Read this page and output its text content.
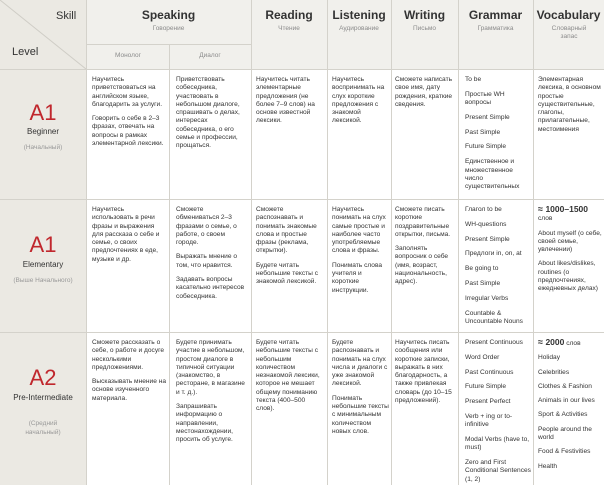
Skill
Level
Speaking
Говорение
Монолог	Диалог
Reading
Чтение
Listening
Аудирование
Writing
Письмо
Grammar
Грамматика
Vocabulary
Словарный запас
A1
Beginner
(Начальный)
A1
Elementary
(Выше Начального)
A2
Pre-Intermediate
(Средний начальный)

Научитесь приветствоваться на английском языке, благодарить за услуги.

Говорить о себе в 2–3 фразах, отвечать на вопросы в рамках элементарной лексики.

Приветствовать собеседника, участвовать в небольшом диалоге, спрашивать о делах, интересах собеседника, о его семье и профессии, прощаться.

Научитесь читать элементарные предложения (не более 7–9 слов) на основе известной лексики.

Научитесь воспринимать на слух короткие предложения с знакомой лексикой.

Сможете написать свое имя, дату рождения, краткие сведения.

To be

Простые WH вопросы

Present Simple

Past Simple

Future Simple

Единственное и множественное число существительных

Элементарная лексика, в основном простые существительные, глаголы, прилагательные, местоимения

Научитесь использовать в речи фразы и выражения для рассказа о себе и семье, о своих предпочтениях в еде, музыке и др.

Сможете обмениваться 2–3 фразами о семье, о работе, о своем городе.

Выражать мнение о том, что нравится.

Задавать вопросы касательно интересов собеседника.

Сможете распознавать и понимать знакомые слова и простые фразы (реклама, открытки).

Будете читать небольшие тексты с знакомой лексикой.

Научитесь понимать на слух самые простые и наиболее часто употребляемые слова и фразы.

Понимать слова учителя и короткие инструкции.

Сможете писать короткие поздравительные открытки, письма.

Заполнять вопросник о себе (имя, возраст, национальность, адрес).

Глагол to be

WH-questions

Present Simple

Предлоги in, on, at

Be going to

Past Simple

Irregular Verbs

Countable & Uncountable Nouns

≈ 1000–1500
слов

About myself (о себе, своей семье, увлечении)

About likes/dislikes, routines (о предпочтениях, ежедневных делах)

Сможете рассказать о себе, о работе и досуге несколькими предложениями.

Высказывать мнение на основе изученного материала.

Будете принимать участие в небольшом, простом диалоге в типичной ситуации (знакомство, в ресторане, в магазине и т. д.).

Запрашивать информацию о направлении, местонахождении, просить об услуге.

Будете читать небольшие тексты с небольшим количеством незнакомой лексики, которое не мешает общему пониманию текста (400–500 слов).

Будете распознавать и понимать на слух числа и диалоги с уже знакомой лексикой.

Понимать небольшие тексты с минимальным количеством новых слов.

Научитесь писать сообщения или короткие записки, выражать в них благодарность, а также привлекая словарь (до 10–15 предложений).

Present Continuous

Word Order

Past Continuous

Future Simple

Present Perfect

Verb + ing or to-infinitive

Modal Verbs (have to, must)

Zero and First Conditional Sentences (1, 2)

≈ 2000 слов

Holiday

Celebrities

Clothes & Fashion

Animals in our lives

Sport & Activities

People around the world

Food & Festivities

Health
